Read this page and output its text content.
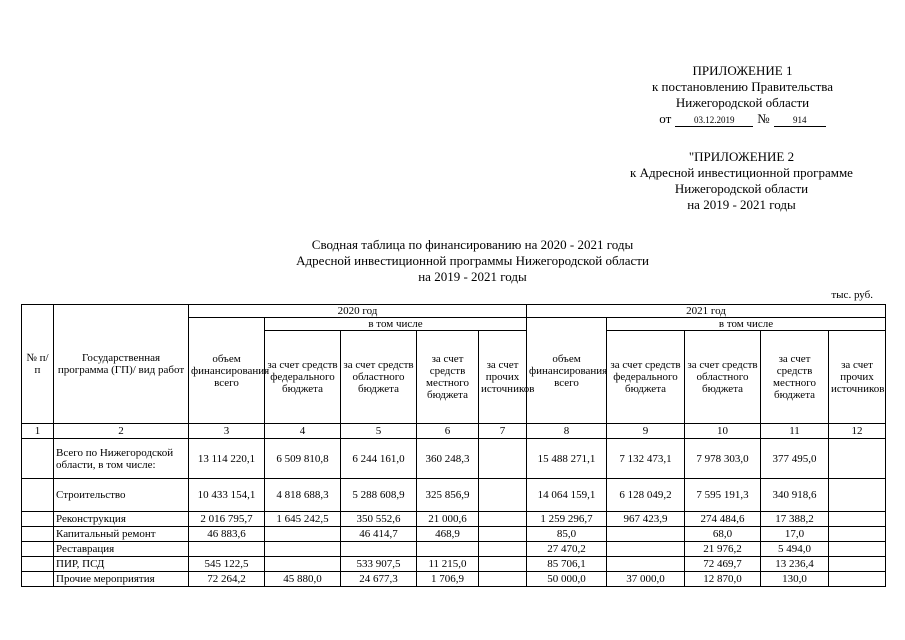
ПРИЛОЖЕНИЕ 1
к постановлению Правительства
Нижегородской области
от	03.12.2019	№	914
"ПРИЛОЖЕНИЕ 2
к Адресной инвестиционной программе
Нижегородской области
на 2019 - 2021 годы
Сводная таблица по финансированию на 2020 - 2021 годы
Адресной инвестиционной программы Нижегородской области
на 2019 - 2021 годы
тыс. руб.
№ п/п	Государственная программа (ГП)/ вид работ	2020 год					2021 год				
		объем финансирования всего	в том числе				объем финансирования всего	в том числе			
			за счет средств федерального бюджета	за счет средств областного бюджета	за счет средств местного бюджета	за счет прочих источников		за счет средств федерального бюджета	за счет средств областного бюджета	за счет средств местного бюджета	за счет прочих источников
1	2	3	4	5	6	7	8	9	10	11	12
	Всего по Нижегородской области, в том числе:	13 114 220,1	6 509 810,8	6 244 161,0	360 248,3		15 488 271,1	7 132 473,1	7 978 303,0	377 495,0	
	Строительство	10 433 154,1	4 818 688,3	5 288 608,9	325 856,9		14 064 159,1	6 128 049,2	7 595 191,3	340 918,6	
	Реконструкция	2 016 795,7	1 645 242,5	350 552,6	21 000,6		1 259 296,7	967 423,9	274 484,6	17 388,2	
	Капитальный ремонт	46 883,6		46 414,7	468,9		85,0		68,0	17,0	
	Реставрация						27 470,2		21 976,2	5 494,0	
	ПИР, ПСД	545 122,5		533 907,5	11 215,0		85 706,1		72 469,7	13 236,4	
	Прочие мероприятия	72 264,2	45 880,0	24 677,3	1 706,9		50 000,0	37 000,0	12 870,0	130,0	
